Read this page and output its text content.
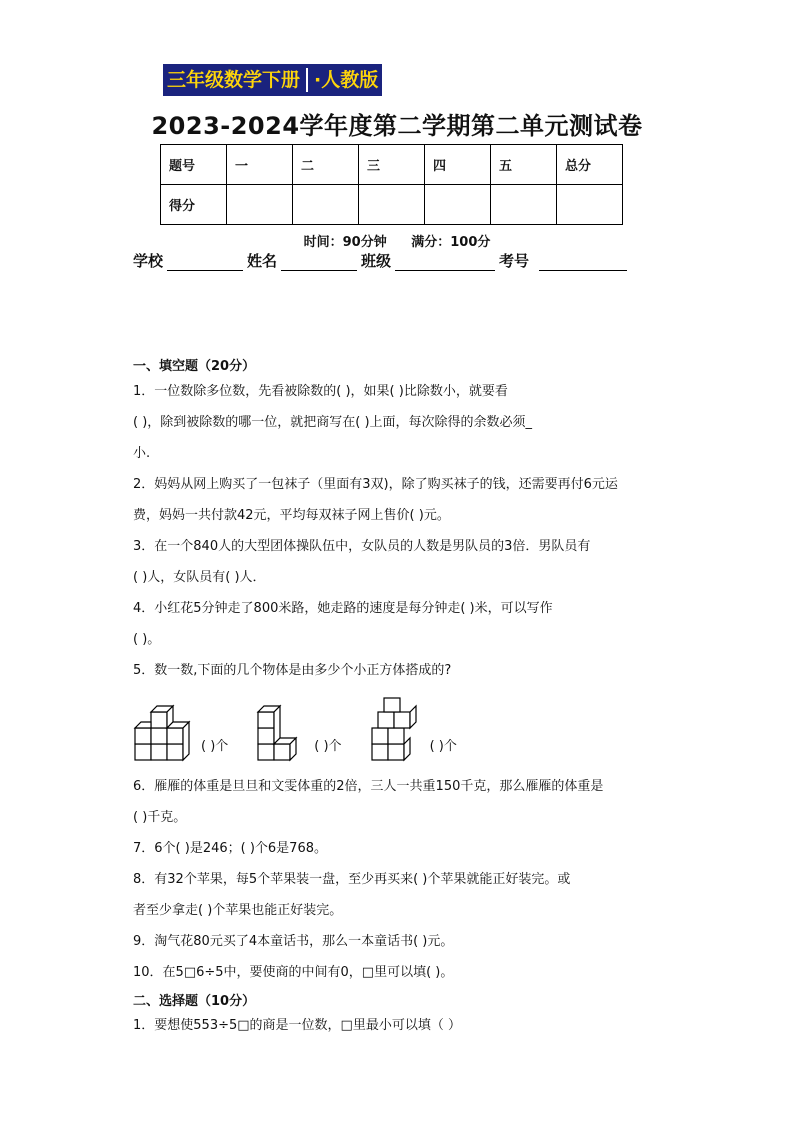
三年级数学下册 ·人教版
2023-2024学年度第二学期第二单元测试卷
题号	一	二	三	四	五	总分
得分						
时间：90分钟 满分：100分
学校	姓名	班级	考号
一、填空题（20分）
1．一位数除多位数，先看被除数的( )，如果( )比除数小，就要看
( )，除到被除数的哪一位，就把商写在( )上面，每次除得的余数必须_
小.
2．妈妈从网上购买了一包袜子（里面有3双)，除了购买袜子的钱，还需要再付6元运
费，妈妈一共付款42元，平均每双袜子网上售价( )元。
3．在一个840人的大型团体操队伍中，女队员的人数是男队员的3倍．男队员有
( )人，女队员有( )人．
4．小红花5分钟走了800米路，她走路的速度是每分钟走( )米，可以写作
( )。
5．数一数,下面的几个物体是由多少个小正方体搭成的?
( )个	( )个	( )个
6．雁雁的体重是旦旦和文雯体重的2倍，三人一共重150千克，那么雁雁的体重是
( )千克。
7．6个( )是246；( )个6是768。
8．有32个苹果，每5个苹果装一盘，至少再买来( )个苹果就能正好装完。或
者至少拿走( )个苹果也能正好装完。
9．淘气花80元买了4本童话书，那么一本童话书( )元。
10．在5□6÷5中，要使商的中间有0，□里可以填( )。
二、选择题（10分）
1．要想使553÷5□的商是一位数，□里最小可以填（ ）
